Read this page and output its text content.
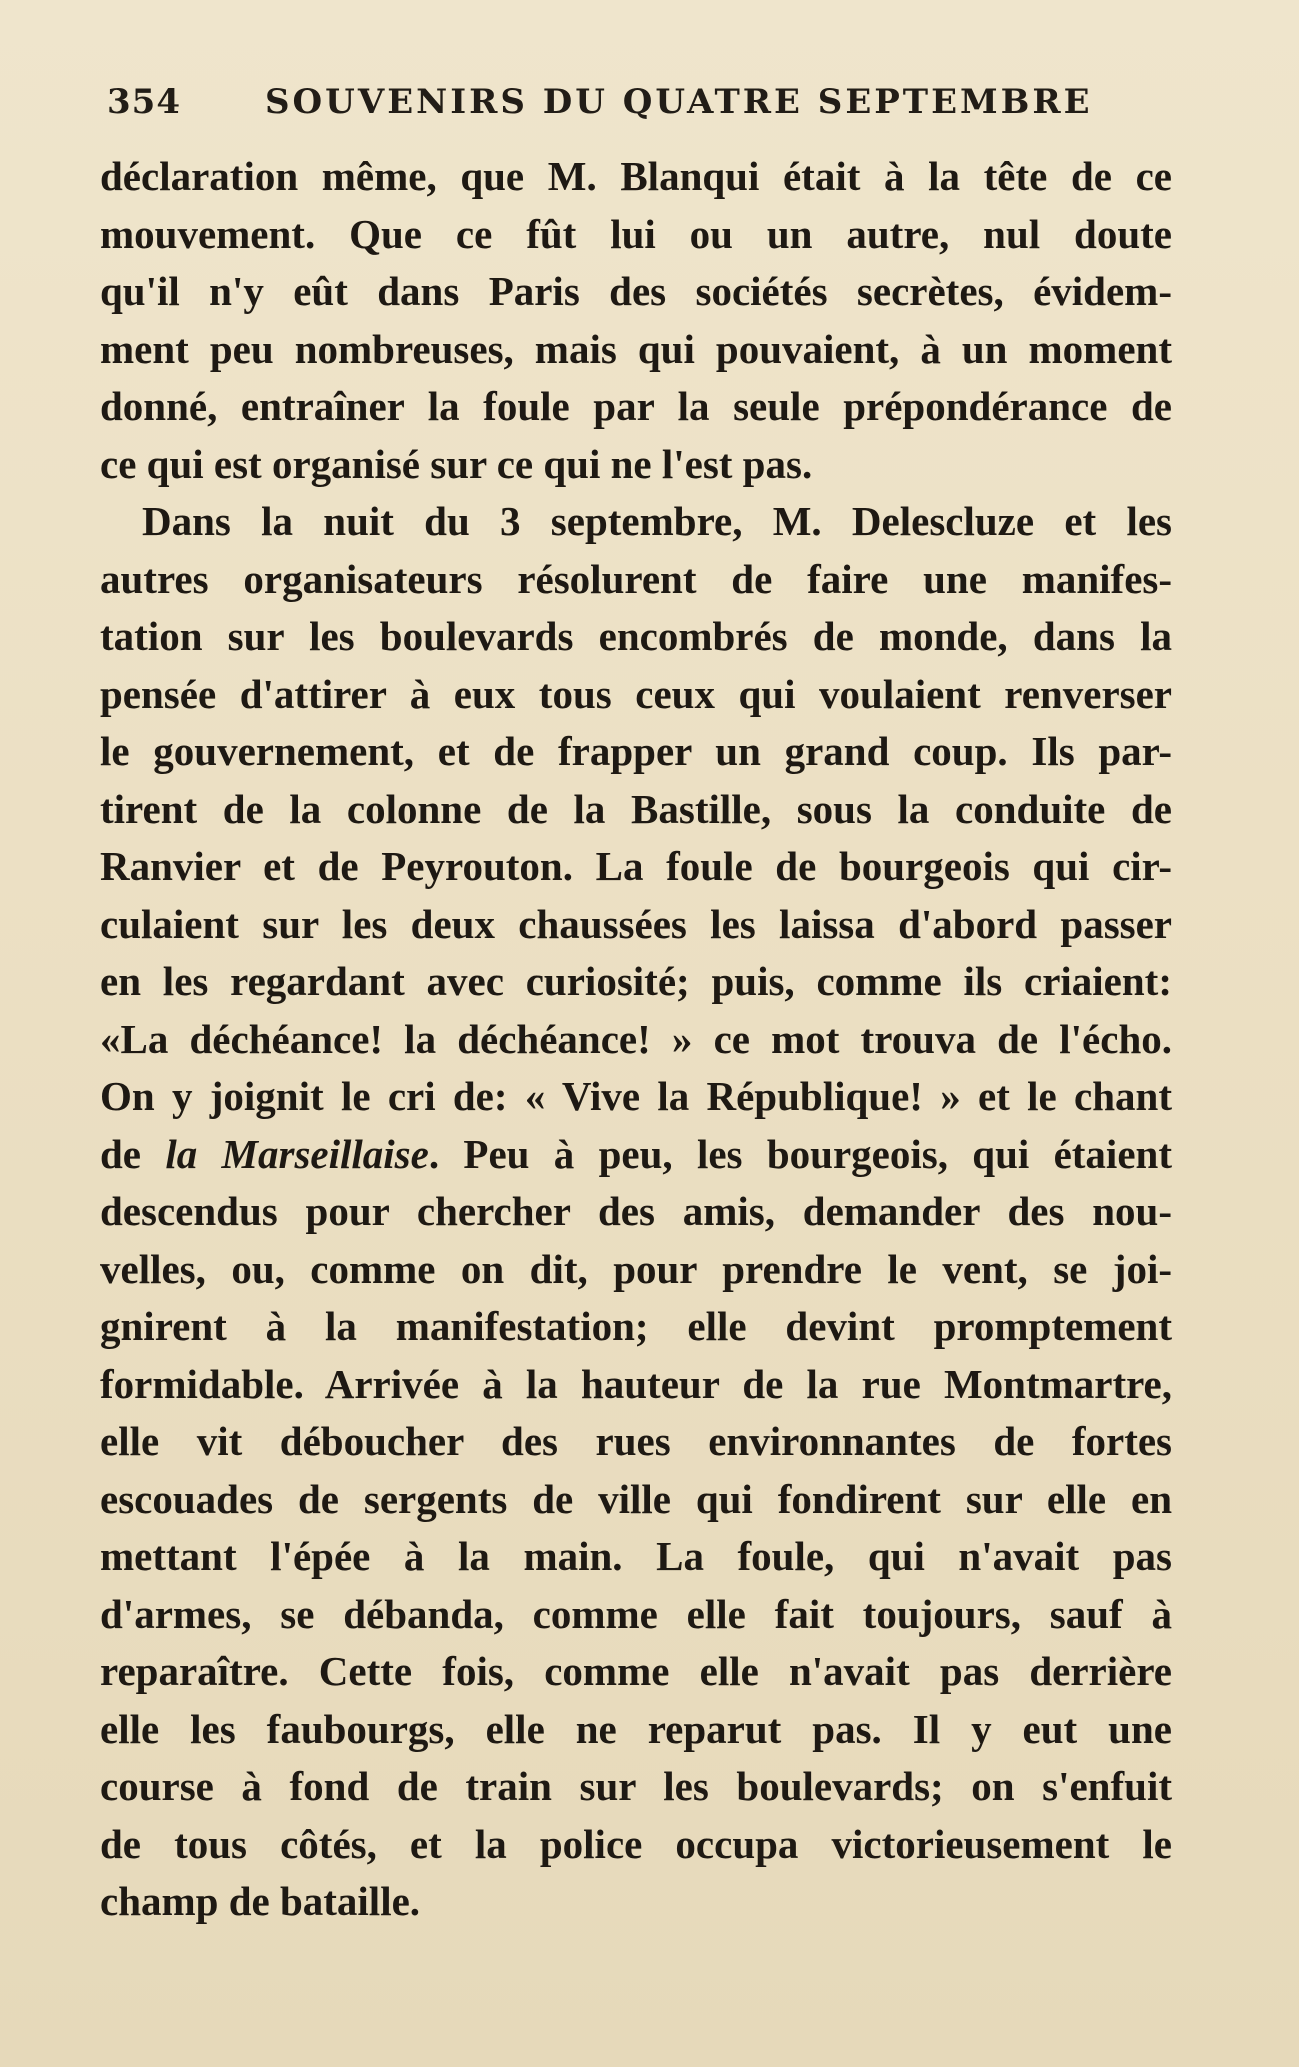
354 SOUVENIRS DU QUATRE SEPTEMBRE
déclaration même, que M. Blanqui était à la tête de ce
mouvement. Que ce fût lui ou un autre, nul doute
qu'il n'y eût dans Paris des sociétés secrètes, évidem-
ment peu nombreuses, mais qui pouvaient, à un moment
donné, entraîner la foule par la seule prépondérance de
ce qui est organisé sur ce qui ne l'est pas.
Dans la nuit du 3 septembre, M. Delescluze et les
autres organisateurs résolurent de faire une manifes-
tation sur les boulevards encombrés de monde, dans la
pensée d'attirer à eux tous ceux qui voulaient renverser
le gouvernement, et de frapper un grand coup. Ils par-
tirent de la colonne de la Bastille, sous la conduite de
Ranvier et de Peyrouton. La foule de bourgeois qui cir-
culaient sur les deux chaussées les laissa d'abord passer
en les regardant avec curiosité; puis, comme ils criaient:
«La déchéance! la déchéance! » ce mot trouva de l'écho.
On y joignit le cri de: « Vive la République! » et le chant
de la Marseillaise. Peu à peu, les bourgeois, qui étaient
descendus pour chercher des amis, demander des nou-
velles, ou, comme on dit, pour prendre le vent, se joi-
gnirent à la manifestation; elle devint promptement
formidable. Arrivée à la hauteur de la rue Montmartre,
elle vit déboucher des rues environnantes de fortes
escouades de sergents de ville qui fondirent sur elle en
mettant l'épée à la main. La foule, qui n'avait pas
d'armes, se débanda, comme elle fait toujours, sauf à
reparaître. Cette fois, comme elle n'avait pas derrière
elle les faubourgs, elle ne reparut pas. Il y eut une
course à fond de train sur les boulevards; on s'enfuit
de tous côtés, et la police occupa victorieusement le
champ de bataille.
